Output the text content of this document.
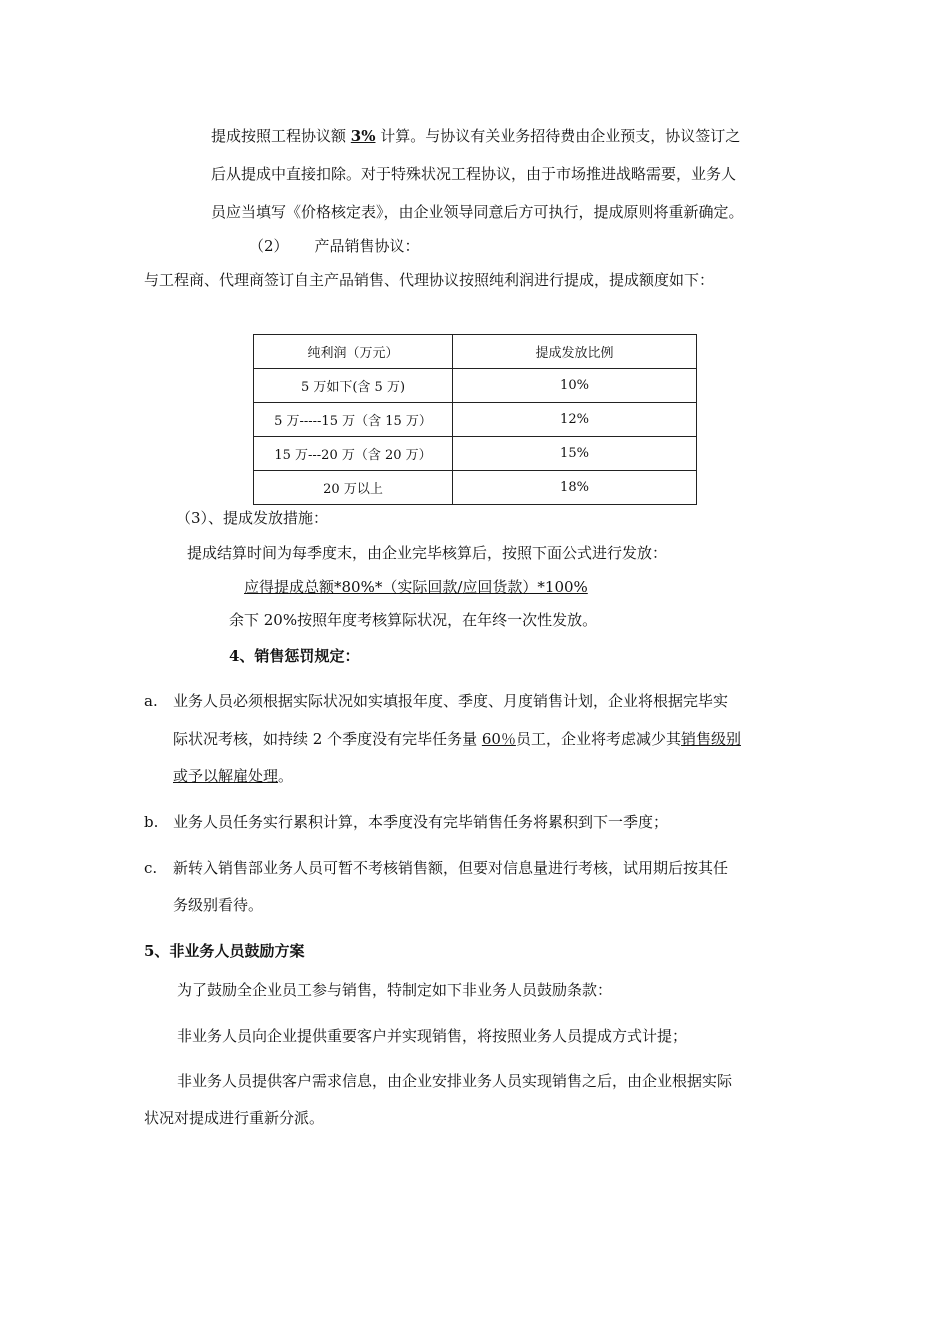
提成按照工程协议额 3% 计算。与协议有关业务招待费由企业预支，协议签订之
后从提成中直接扣除。对于特殊状况工程协议，由于市场推进战略需要，业务人
员应当填写《价格核定表》，由企业领导同意后方可执行，提成原则将重新确定。
（2） 产品销售协议：
与工程商、代理商签订自主产品销售、代理协议按照纯利润进行提成，提成额度如下：
纯利润（万元）	提成发放比例
5 万如下(含 5 万)	10%
5 万-----15 万（含 15 万）	12%
15 万---20 万（含 20 万）	15%
20 万以上	18%
（3）、提成发放措施：
提成结算时间为每季度末，由企业完毕核算后，按照下面公式进行发放：
应得提成总额*80%*（实际回款/应回货款）*100%
余下 20%按照年度考核算际状况，在年终一次性发放。
4、销售惩罚规定：
a. 业务人员必须根据实际状况如实填报年度、季度、月度销售计划，企业将根据完毕实
际状况考核，如持续 2 个季度没有完毕任务量 60％员工，企业将考虑减少其销售级别
或予以解雇处理。
b. 业务人员任务实行累积计算，本季度没有完毕销售任务将累积到下一季度；
c. 新转入销售部业务人员可暂不考核销售额，但要对信息量进行考核，试用期后按其任
务级别看待。
5、非业务人员鼓励方案
为了鼓励全企业员工参与销售，特制定如下非业务人员鼓励条款：
非业务人员向企业提供重要客户并实现销售，将按照业务人员提成方式计提；
非业务人员提供客户需求信息，由企业安排业务人员实现销售之后，由企业根据实际
状况对提成进行重新分派。
